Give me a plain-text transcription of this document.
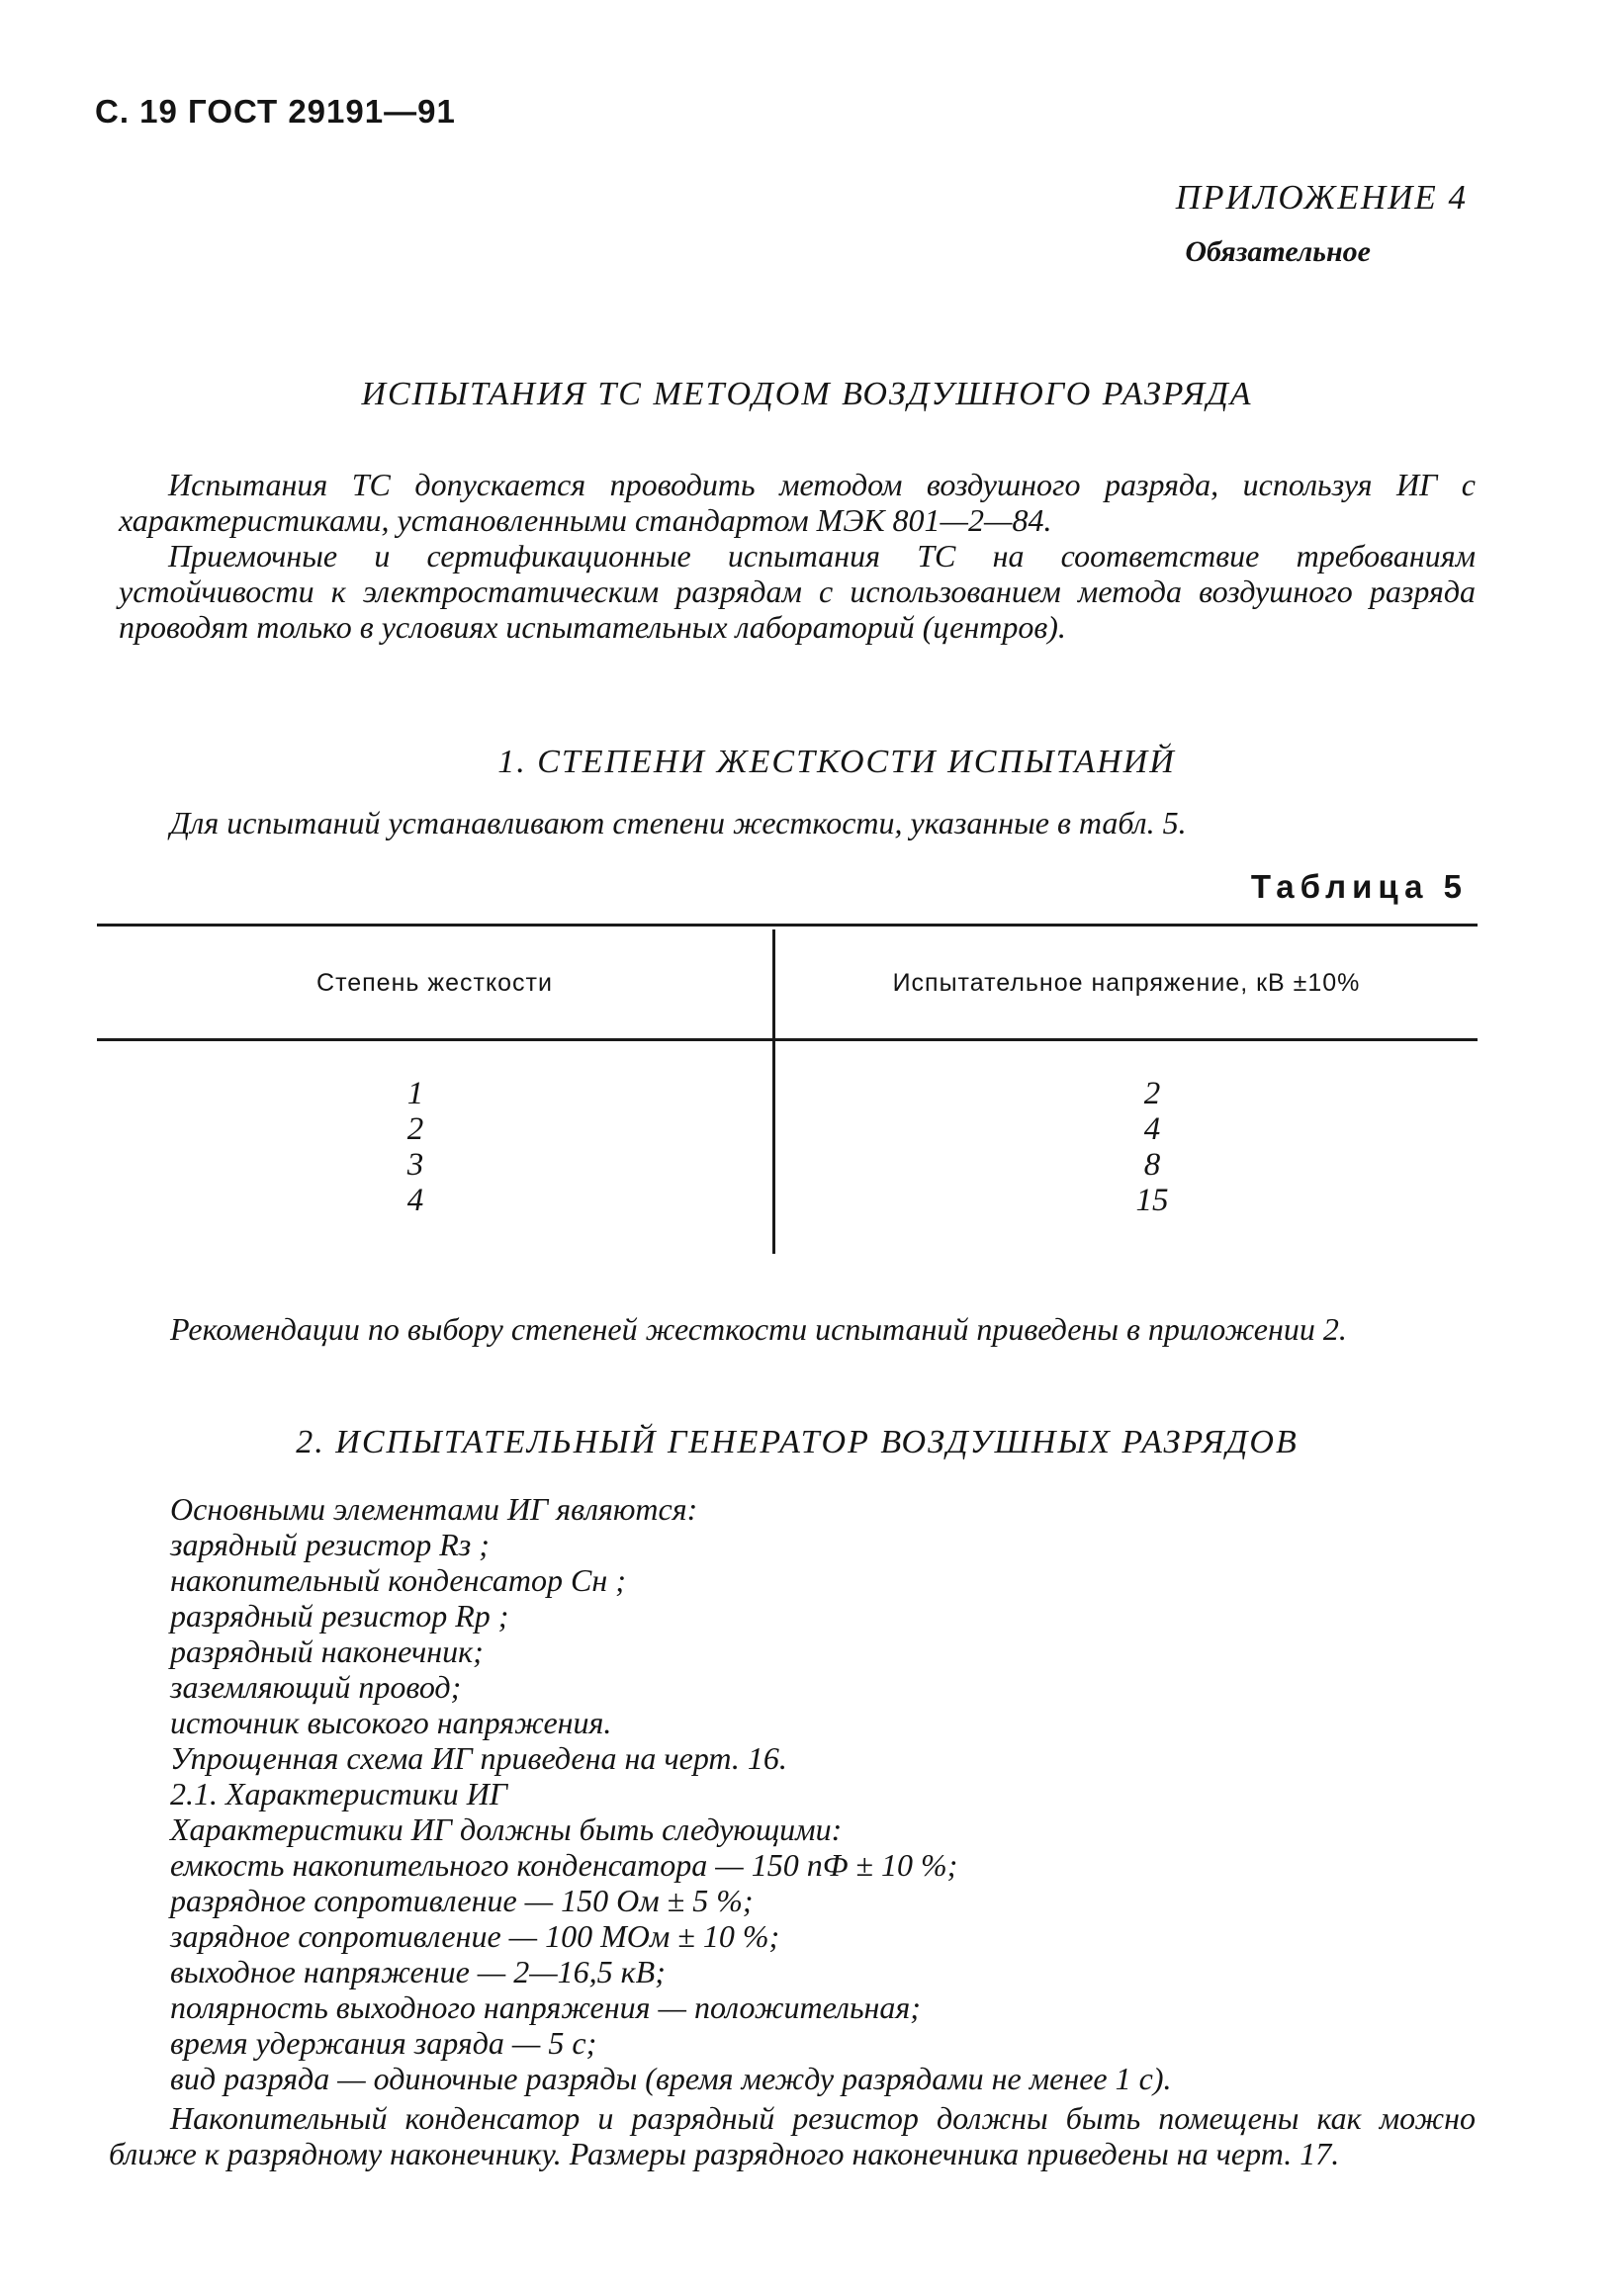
С. 19 ГОСТ 29191—91
ПРИЛОЖЕНИЕ 4
Обязательное
ИСПЫТАНИЯ ТС МЕТОДОМ ВОЗДУШНОГО РАЗРЯДА
Испытания ТС допускается проводить методом воздушного разряда, используя ИГ с характеристиками, установленными стандартом МЭК 801—2—84.
Приемочные и сертификационные испытания ТС на соответствие требованиям устойчивости к электростатическим разрядам с использованием метода воздушного разряда проводят только в условиях испытательных лабораторий (центров).
1. СТЕПЕНИ ЖЕСТКОСТИ ИСПЫТАНИЙ
Для испытаний устанавливают степени жесткости, указанные в табл. 5.
Таблица 5
Степень жесткости	Испытательное напряжение, кВ ±10%
1
2
3
4
2
4
8
15
Рекомендации по выбору степеней жесткости испытаний приведены в приложении 2.
2. ИСПЫТАТЕЛЬНЫЙ ГЕНЕРАТОР ВОЗДУШНЫХ РАЗРЯДОВ
Основными элементами ИГ являются:
зарядный резистор Rз ;
накопительный конденсатор Сн ;
разрядный резистор Rр ;
разрядный наконечник;
заземляющий провод;
источник высокого напряжения.
Упрощенная схема ИГ приведена на черт. 16.
2.1. Характеристики ИГ
Характеристики ИГ должны быть следующими:
емкость накопительного конденсатора — 150 пФ ± 10 %;
разрядное сопротивление — 150 Ом ± 5 %;
зарядное сопротивление — 100 МОм ± 10 %;
выходное напряжение — 2—16,5 кВ;
полярность выходного напряжения — положительная;
время удержания заряда — 5 с;
вид разряда — одиночные разряды (время между разрядами не менее 1 с).
Накопительный конденсатор и разрядный резистор должны быть помещены как можно ближе к разрядному наконечнику. Размеры разрядного наконечника приведены на черт. 17.
